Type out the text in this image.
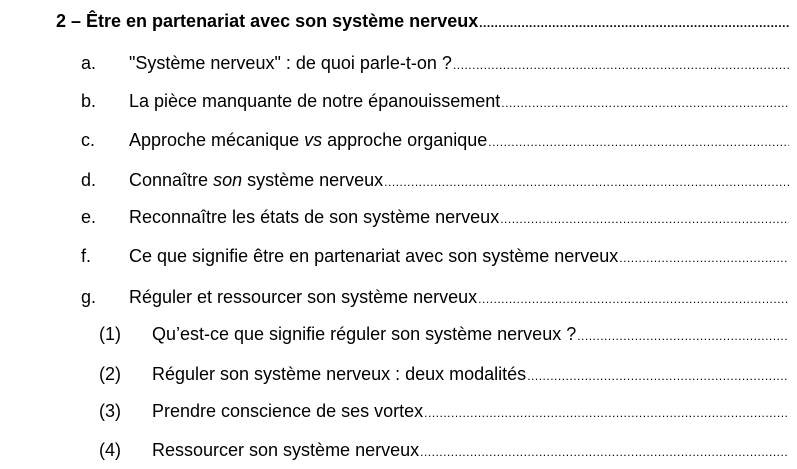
2 – Être en partenariat avec son système nerveux
.....
a. "Système nerveux" : de quoi parle-t-on ?
.....
b. La pièce manquante de notre épanouissement
.....
c. Approche mécanique vs approche organique
.....
d. Connaître son système nerveux
.....
e. Reconnaître les états de son système nerveux
.....
f. Ce que signifie être en partenariat avec son système nerveux
.....
g. Réguler et ressourcer son système nerveux
.....
(1) Qu’est-ce que signifie réguler son système nerveux ?
.....
(2) Réguler son système nerveux : deux modalités
.....
(3) Prendre conscience de ses vortex
.....
(4) Ressourcer son système nerveux
.....
